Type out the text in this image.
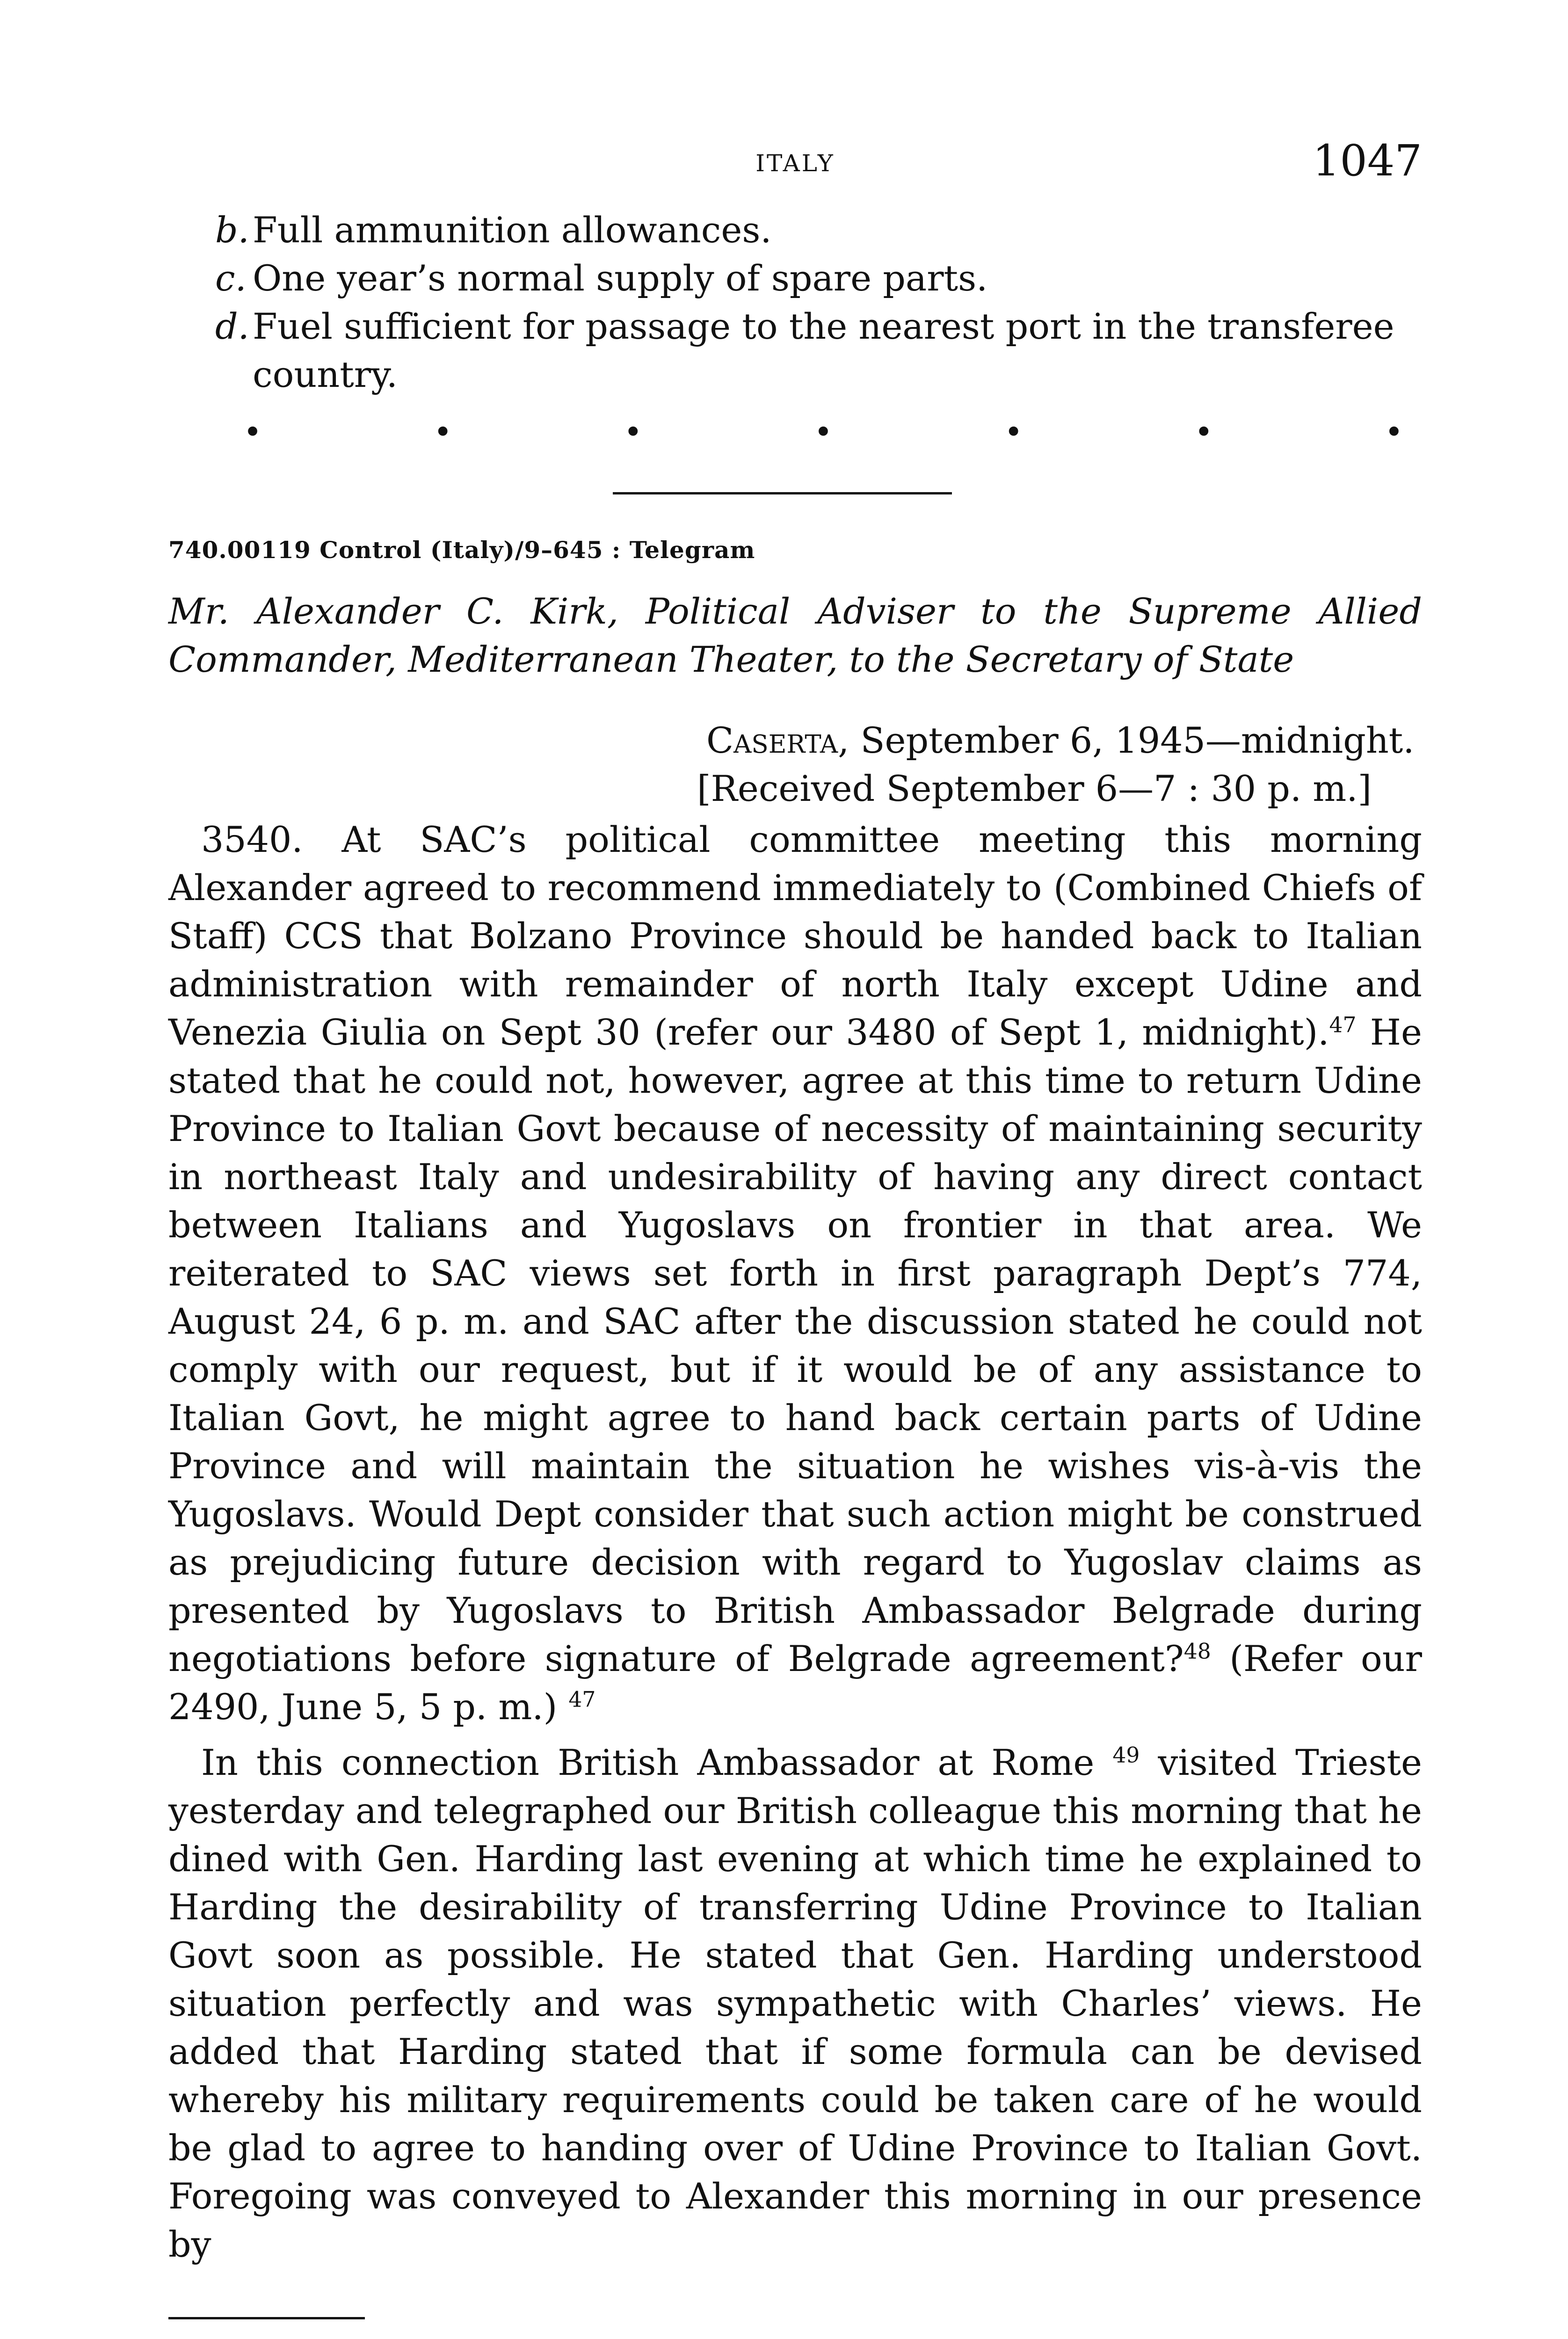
ITALY	1047
b. Full ammunition allowances.
c. One year’s normal supply of spare parts.
d. Fuel sufficient for passage to the nearest port in the transferee country.
•	•	•	•	•	•	•
740.00119 Control (Italy)/9–645 : Telegram
Mr. Alexander C. Kirk, Political Adviser to the Supreme Allied Commander, Mediterranean Theater, to the Secretary of State
Caserta, September 6, 1945—midnight.
[Received September 6—7 : 30 p. m.]

3540. At SAC’s political committee meeting this morning Alexander agreed to recommend immediately to (Combined Chiefs of Staff) CCS that Bolzano Province should be handed back to Italian administration with remainder of north Italy except Udine and Venezia Giulia on Sept 30 (refer our 3480 of Sept 1, midnight).$^{47}$ He stated that he could not, however, agree at this time to return Udine Province to Italian Govt because of necessity of maintaining security in northeast Italy and undesirability of having any direct contact between Italians and Yugoslavs on frontier in that area. We reiterated to SAC views set forth in first paragraph Dept’s 774, August 24, 6 p. m. and SAC after the discussion stated he could not comply with our request, but if it would be of any assistance to Italian Govt, he might agree to hand back certain parts of Udine Province and will maintain the situation he wishes vis-à-vis the Yugoslavs. Would Dept consider that such action might be construed as prejudicing future decision with regard to Yugoslav claims as presented by Yugoslavs to British Ambassador Belgrade during negotiations before signature of Belgrade agreement?$^{48}$ (Refer our 2490, June 5, 5 p. m.) $^{47}$

In this connection British Ambassador at Rome $^{49}$ visited Trieste yesterday and telegraphed our British colleague this morning that he dined with Gen. Harding last evening at which time he explained to Harding the desirability of transferring Udine Province to Italian Govt soon as possible. He stated that Gen. Harding understood situation perfectly and was sympathetic with Charles’ views. He added that Harding stated that if some formula can be devised whereby his military requirements could be taken care of he would be glad to agree to handing over of Udine Province to Italian Govt. Foregoing was conveyed to Alexander this morning in our presence by
